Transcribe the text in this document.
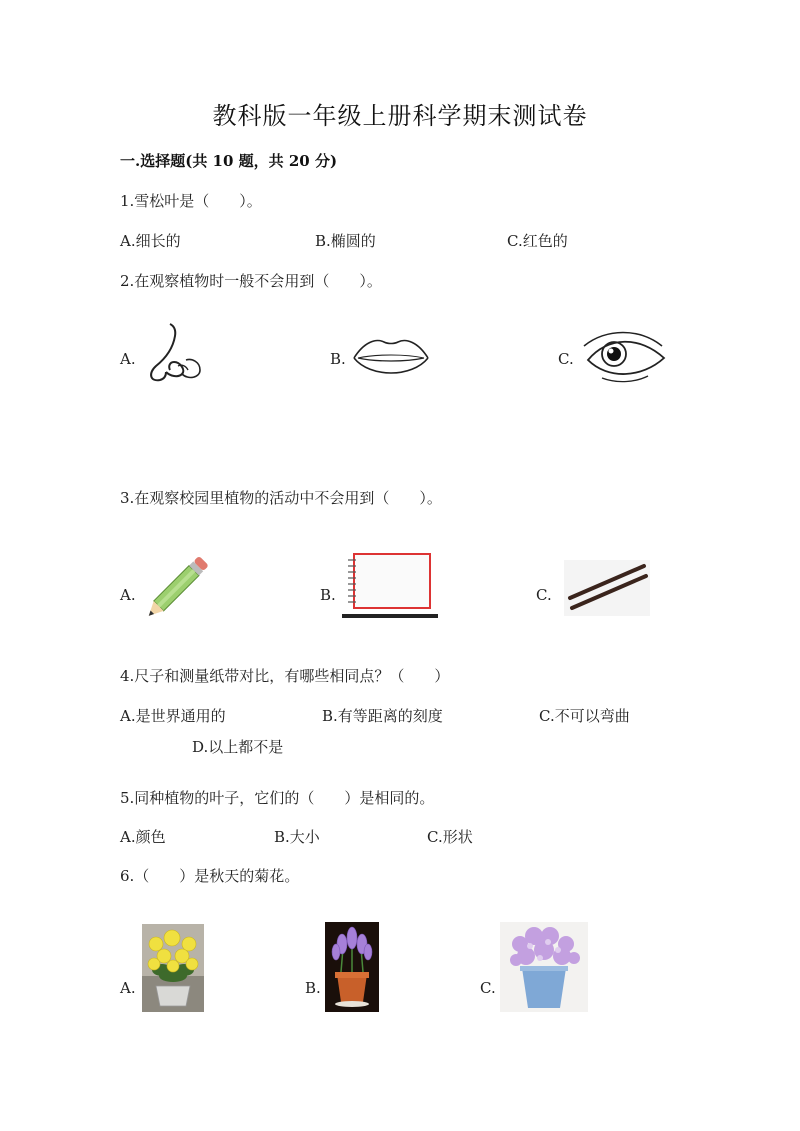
教科版一年级上册科学期末测试卷
一.选择题(共 10 题，共 20 分)
1.雪松叶是（　　）。
A.细长的	B.椭圆的	C.红色的
2.在观察植物时一般不会用到（　　）。
A.	B.	C.
3.在观察校园里植物的活动中不会用到（　　）。
A.	B.	C.
4.尺子和测量纸带对比，有哪些相同点？（　　）
A.是世界通用的	B.有等距离的刻度	C.不可以弯曲
D.以上都不是
5.同种植物的叶子，它们的（　　）是相同的。
A.颜色	B.大小	C.形状
6.（　　）是秋天的菊花。
A.	B.	C.
